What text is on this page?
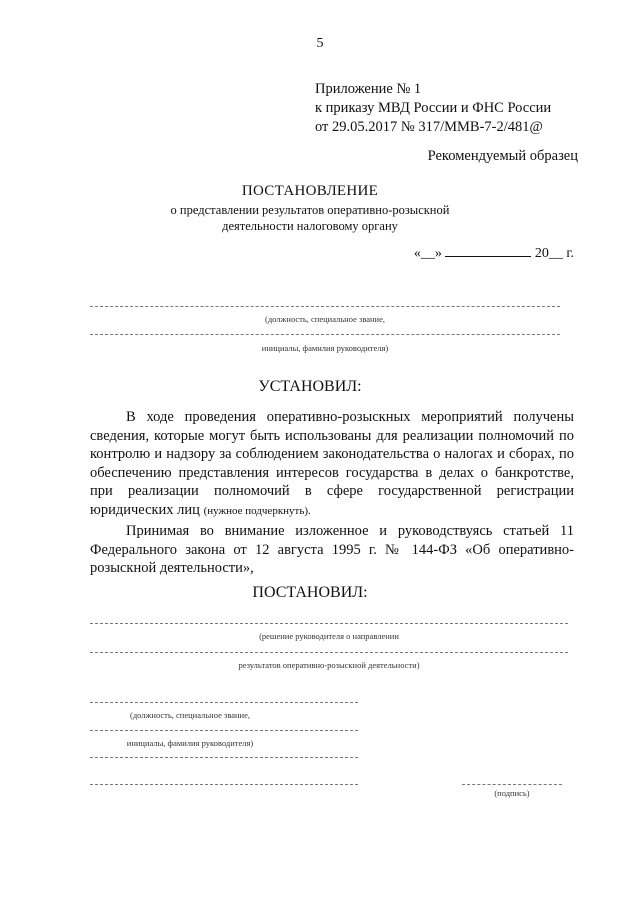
5
Приложение № 1
к приказу МВД России и ФНС России
от 29.05.2017 № 317/ММВ-7-2/481@
Рекомендуемый образец
ПОСТАНОВЛЕНИЕ
о представлении результатов оперативно-розыскной
деятельности налоговому органу
«__»	20__ г.
(должность, специальное звание,
инициалы, фамилия руководителя)
УСТАНОВИЛ:
В ходе проведения оперативно-розыскных мероприятий получены сведения, которые могут быть использованы для реализации полномочий по контролю и надзору за соблюдением законодательства о налогах и сборах, по обеспечению представления интересов государства в делах о банкротстве, при реализации полномочий в сфере государственной регистрации юридических лиц (нужное подчеркнуть).
Принимая во внимание изложенное и руководствуясь статьей 11 Федерального закона от 12 августа 1995 г. № 144-ФЗ «Об оперативно-розыскной деятельности»,
ПОСТАНОВИЛ:
(решение руководителя о направлении
результатов оперативно-розыскной деятельности)
(должность, специальное звание,
инициалы, фамилия руководителя)
(подпись)
